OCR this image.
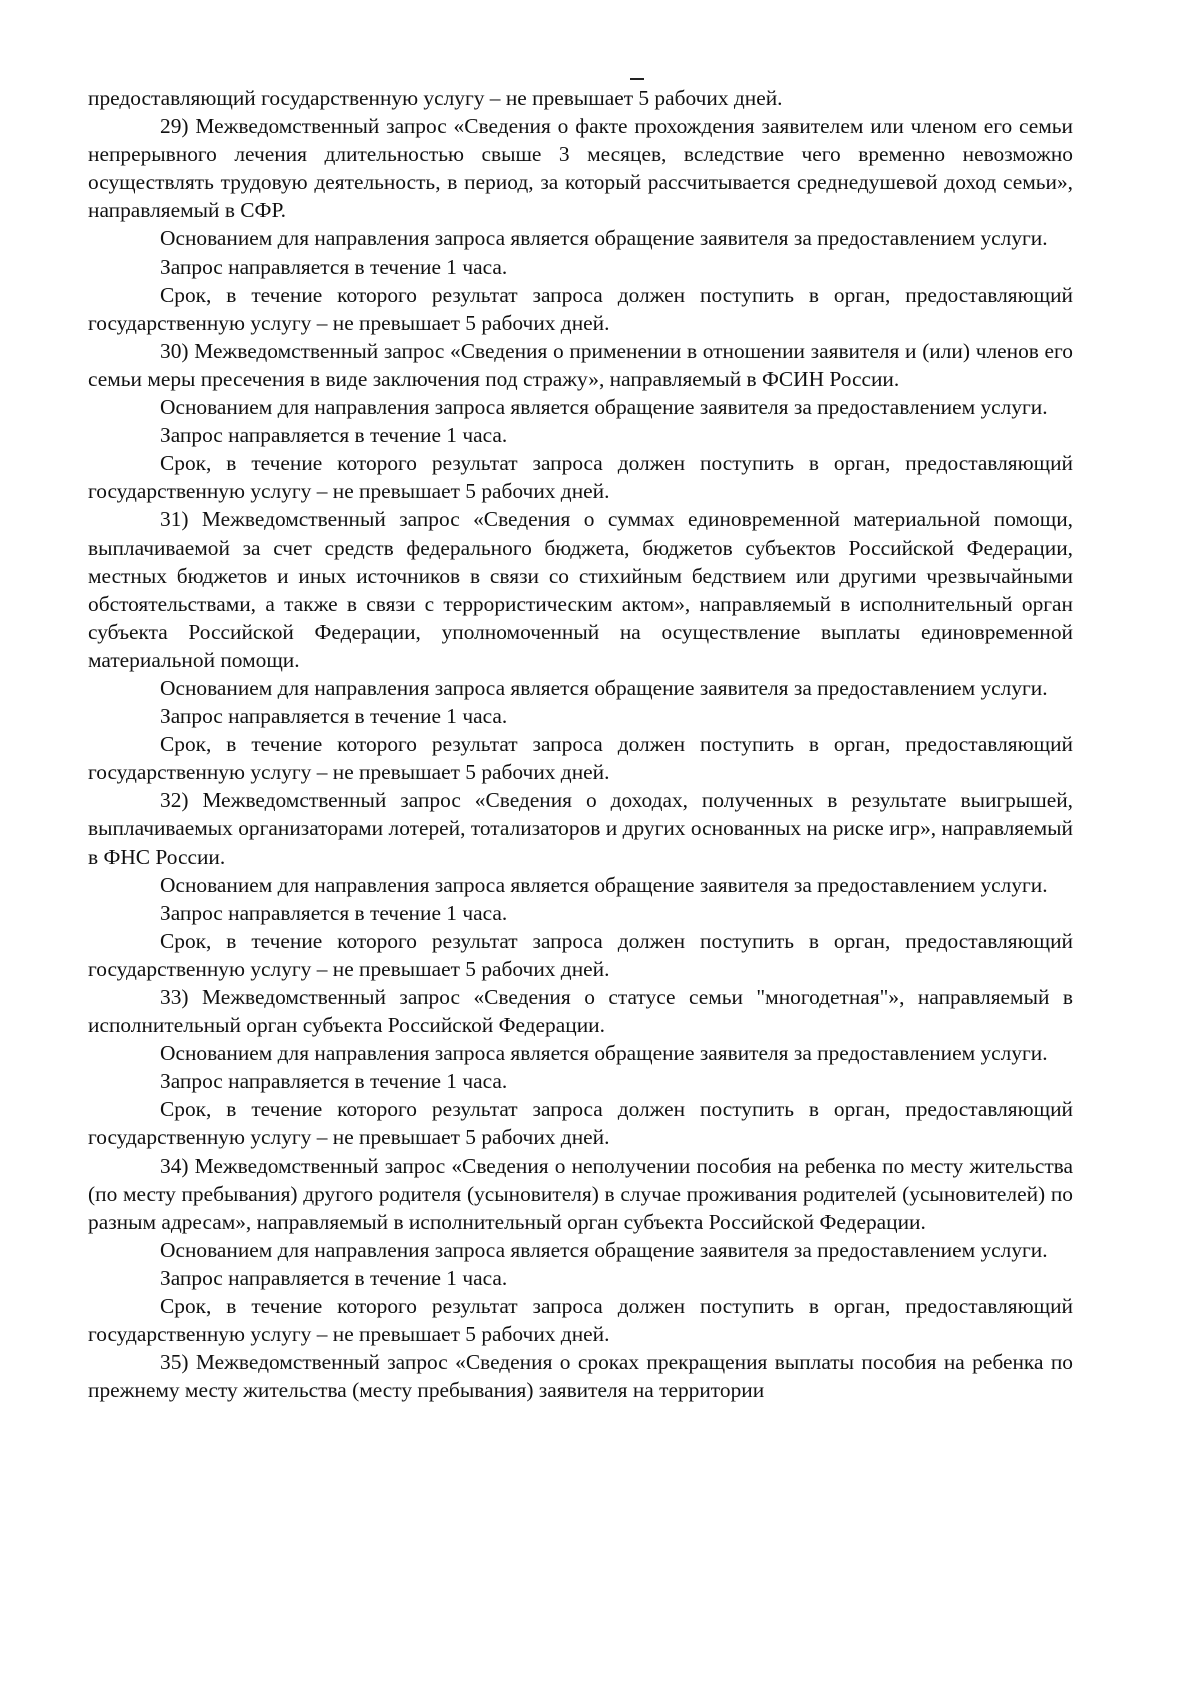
предоставляющий государственную услугу – не превышает 5 рабочих дней.

29) Межведомственный запрос «Сведения о факте прохождения заявителем или членом его семьи непрерывного лечения длительностью свыше 3 месяцев, вследствие чего временно невозможно осуществлять трудовую деятельность, в период, за который рассчитывается среднедушевой доход семьи», направляемый в СФР.

Основанием для направления запроса является обращение заявителя за предоставлением услуги.

Запрос направляется в течение 1 часа.

Срок, в течение которого результат запроса должен поступить в орган, предоставляющий государственную услугу – не превышает 5 рабочих дней.

30) Межведомственный запрос «Сведения о применении в отношении заявителя и (или) членов его семьи меры пресечения в виде заключения под стражу», направляемый в ФСИН России.

Основанием для направления запроса является обращение заявителя за предоставлением услуги.

Запрос направляется в течение 1 часа.

Срок, в течение которого результат запроса должен поступить в орган, предоставляющий государственную услугу – не превышает 5 рабочих дней.

31) Межведомственный запрос «Сведения о суммах единовременной материальной помощи, выплачиваемой за счет средств федерального бюджета, бюджетов субъектов Российской Федерации, местных бюджетов и иных источников в связи со стихийным бедствием или другими чрезвычайными обстоятельствами, а также в связи с террористическим актом», направляемый в исполнительный орган субъекта Российской Федерации, уполномоченный на осуществление выплаты единовременной материальной помощи.

Основанием для направления запроса является обращение заявителя за предоставлением услуги.

Запрос направляется в течение 1 часа.

Срок, в течение которого результат запроса должен поступить в орган, предоставляющий государственную услугу – не превышает 5 рабочих дней.

32) Межведомственный запрос «Сведения о доходах, полученных в результате выигрышей, выплачиваемых организаторами лотерей, тотализаторов и других основанных на риске игр», направляемый в ФНС России.

Основанием для направления запроса является обращение заявителя за предоставлением услуги.

Запрос направляется в течение 1 часа.

Срок, в течение которого результат запроса должен поступить в орган, предоставляющий государственную услугу – не превышает 5 рабочих дней.

33) Межведомственный запрос «Сведения о статусе семьи "многодетная"», направляемый в исполнительный орган субъекта Российской Федерации.

Основанием для направления запроса является обращение заявителя за предоставлением услуги.

Запрос направляется в течение 1 часа.

Срок, в течение которого результат запроса должен поступить в орган, предоставляющий государственную услугу – не превышает 5 рабочих дней.

34) Межведомственный запрос «Сведения о неполучении пособия на ребенка по месту жительства (по месту пребывания) другого родителя (усыновителя) в случае проживания родителей (усыновителей) по разным адресам», направляемый в исполнительный орган субъекта Российской Федерации.

Основанием для направления запроса является обращение заявителя за предоставлением услуги.

Запрос направляется в течение 1 часа.

Срок, в течение которого результат запроса должен поступить в орган, предоставляющий государственную услугу – не превышает 5 рабочих дней.

35) Межведомственный запрос «Сведения о сроках прекращения выплаты пособия на ребенка по прежнему месту жительства (месту пребывания) заявителя на территории
